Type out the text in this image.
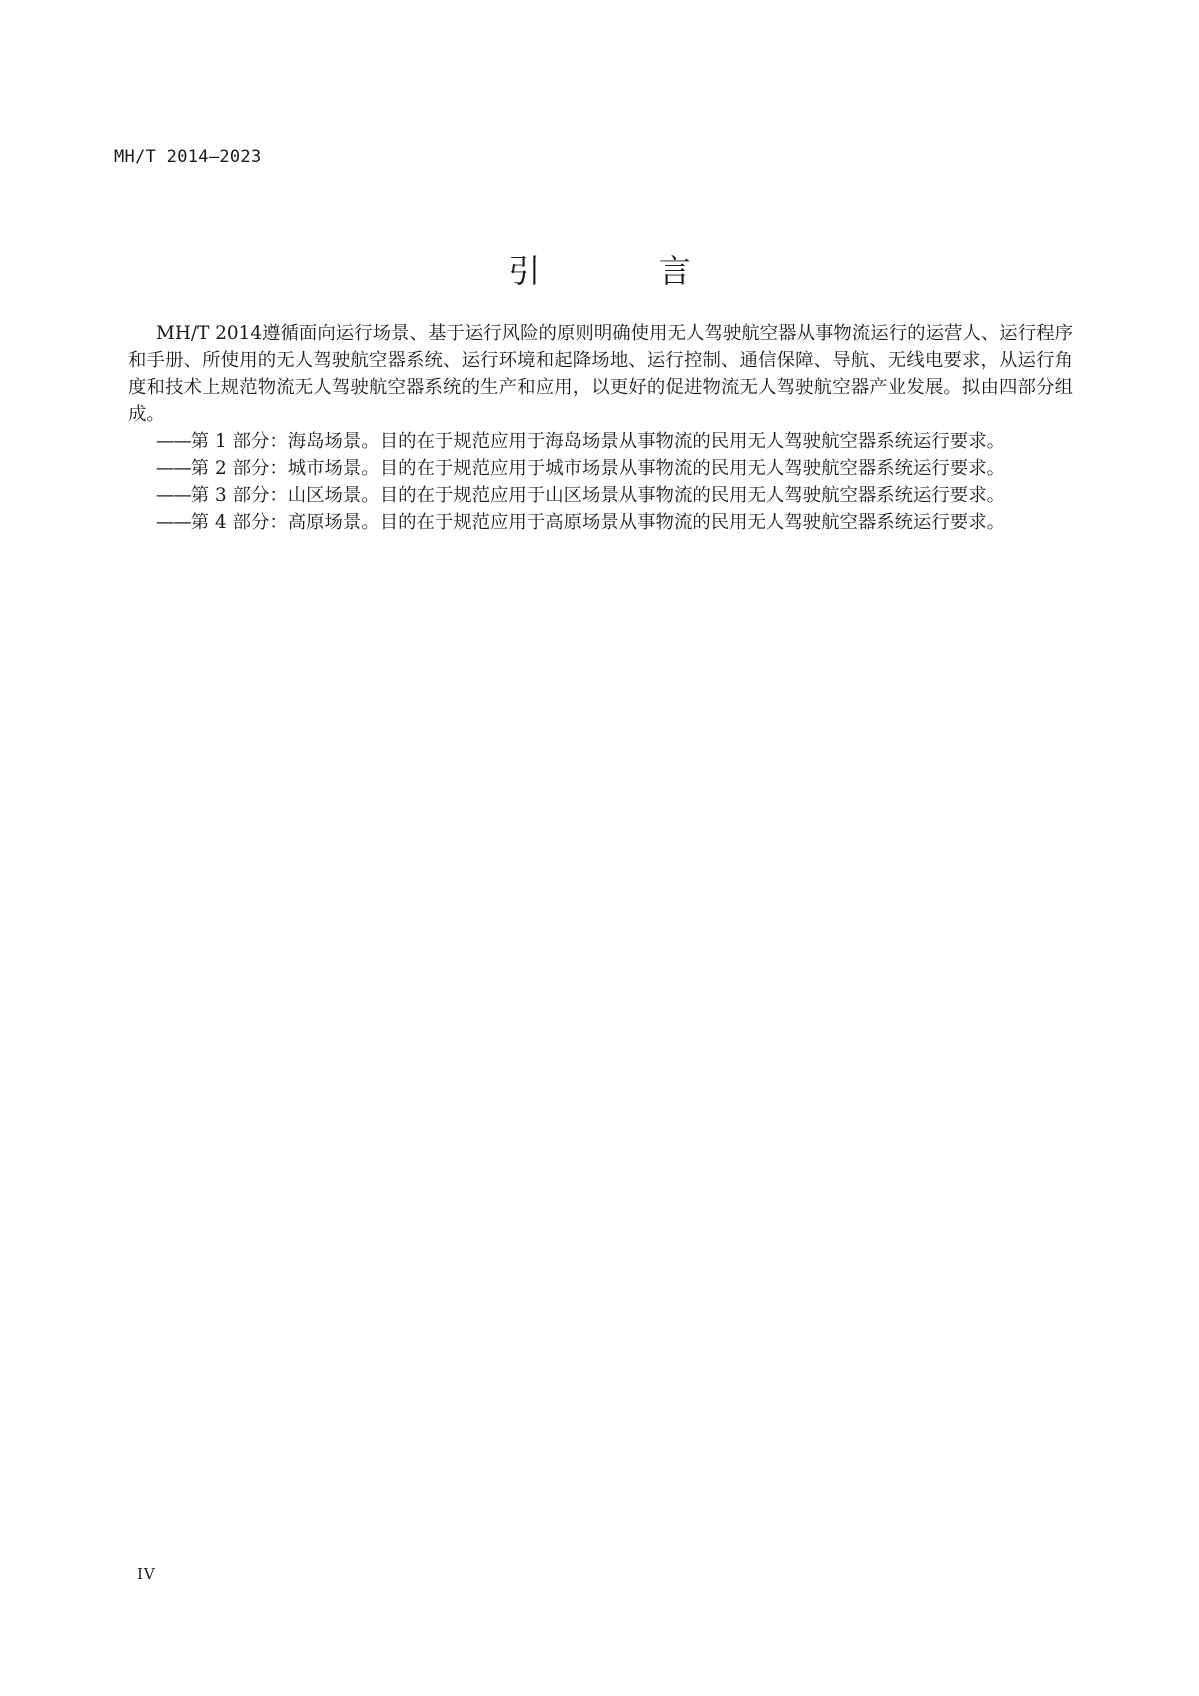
MH/T 2014—2023
引 言

MH/T 2014遵循面向运行场景、基于运行风险的原则明确使用无人驾驶航空器从事物流运行的运营人、运行程序和手册、所使用的无人驾驶航空器系统、运行环境和起降场地、运行控制、通信保障、导航、无线电要求，从运行角度和技术上规范物流无人驾驶航空器系统的生产和应用，以更好的促进物流无人驾驶航空器产业发展。拟由四部分组成。

——第 1 部分：海岛场景。目的在于规范应用于海岛场景从事物流的民用无人驾驶航空器系统运行要求。
——第 2 部分：城市场景。目的在于规范应用于城市场景从事物流的民用无人驾驶航空器系统运行要求。
——第 3 部分：山区场景。目的在于规范应用于山区场景从事物流的民用无人驾驶航空器系统运行要求。
——第 4 部分：高原场景。目的在于规范应用于高原场景从事物流的民用无人驾驶航空器系统运行要求。
IV
